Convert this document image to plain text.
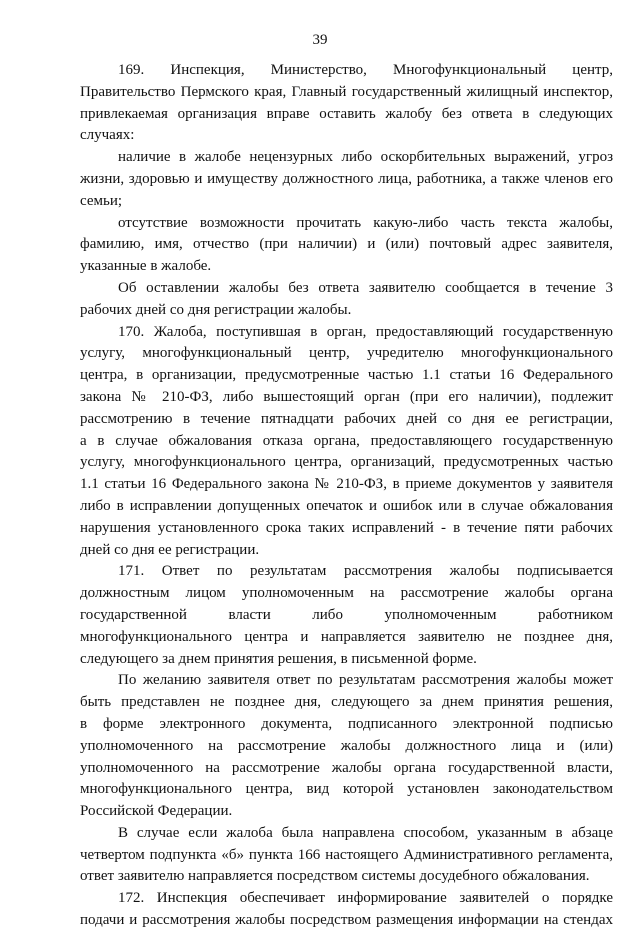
39
169. Инспекция, Министерство, Многофункциональный центр,
Правительство Пермского края, Главный государственный жилищный инспектор,
привлекаемая организация вправе оставить жалобу без ответа в следующих
случаях:
наличие в жалобе нецензурных либо оскорбительных выражений, угроз
жизни, здоровью и имуществу должностного лица, работника, а также членов его
семьи;
отсутствие возможности прочитать какую-либо часть текста жалобы,
фамилию, имя, отчество (при наличии) и (или) почтовый адрес заявителя,
указанные в жалобе.
Об оставлении жалобы без ответа заявителю сообщается в течение 3
рабочих дней со дня регистрации жалобы.
170. Жалоба, поступившая в орган, предоставляющий государственную
услугу, многофункциональный центр, учредителю многофункционального
центра, в организации, предусмотренные частью 1.1 статьи 16 Федерального
закона № 210-ФЗ, либо вышестоящий орган (при его наличии), подлежит
рассмотрению в течение пятнадцати рабочих дней со дня ее регистрации,
а в случае обжалования отказа органа, предоставляющего государственную
услугу, многофункционального центра, организаций, предусмотренных частью
1.1 статьи 16 Федерального закона № 210-ФЗ, в приеме документов у заявителя
либо в исправлении допущенных опечаток и ошибок или в случае обжалования
нарушения установленного срока таких исправлений - в течение пяти рабочих
дней со дня ее регистрации.
171. Ответ по результатам рассмотрения жалобы подписывается
должностным лицом уполномоченным на рассмотрение жалобы органа
государственной власти либо уполномоченным работником
многофункционального центра и направляется заявителю не позднее дня,
следующего за днем принятия решения, в письменной форме.
По желанию заявителя ответ по результатам рассмотрения жалобы может
быть представлен не позднее дня, следующего за днем принятия решения,
в форме электронного документа, подписанного электронной подписью
уполномоченного на рассмотрение жалобы должностного лица и (или)
уполномоченного на рассмотрение жалобы органа государственной власти,
многофункционального центра, вид которой установлен законодательством
Российской Федерации.
В случае если жалоба была направлена способом, указанным в абзаце
четвертом подпункта «б» пункта 166 настоящего Административного регламента,
ответ заявителю направляется посредством системы досудебного обжалования.
172. Инспекция обеспечивает информирование заявителей о порядке
подачи и рассмотрения жалобы посредством размещения информации на стендах
